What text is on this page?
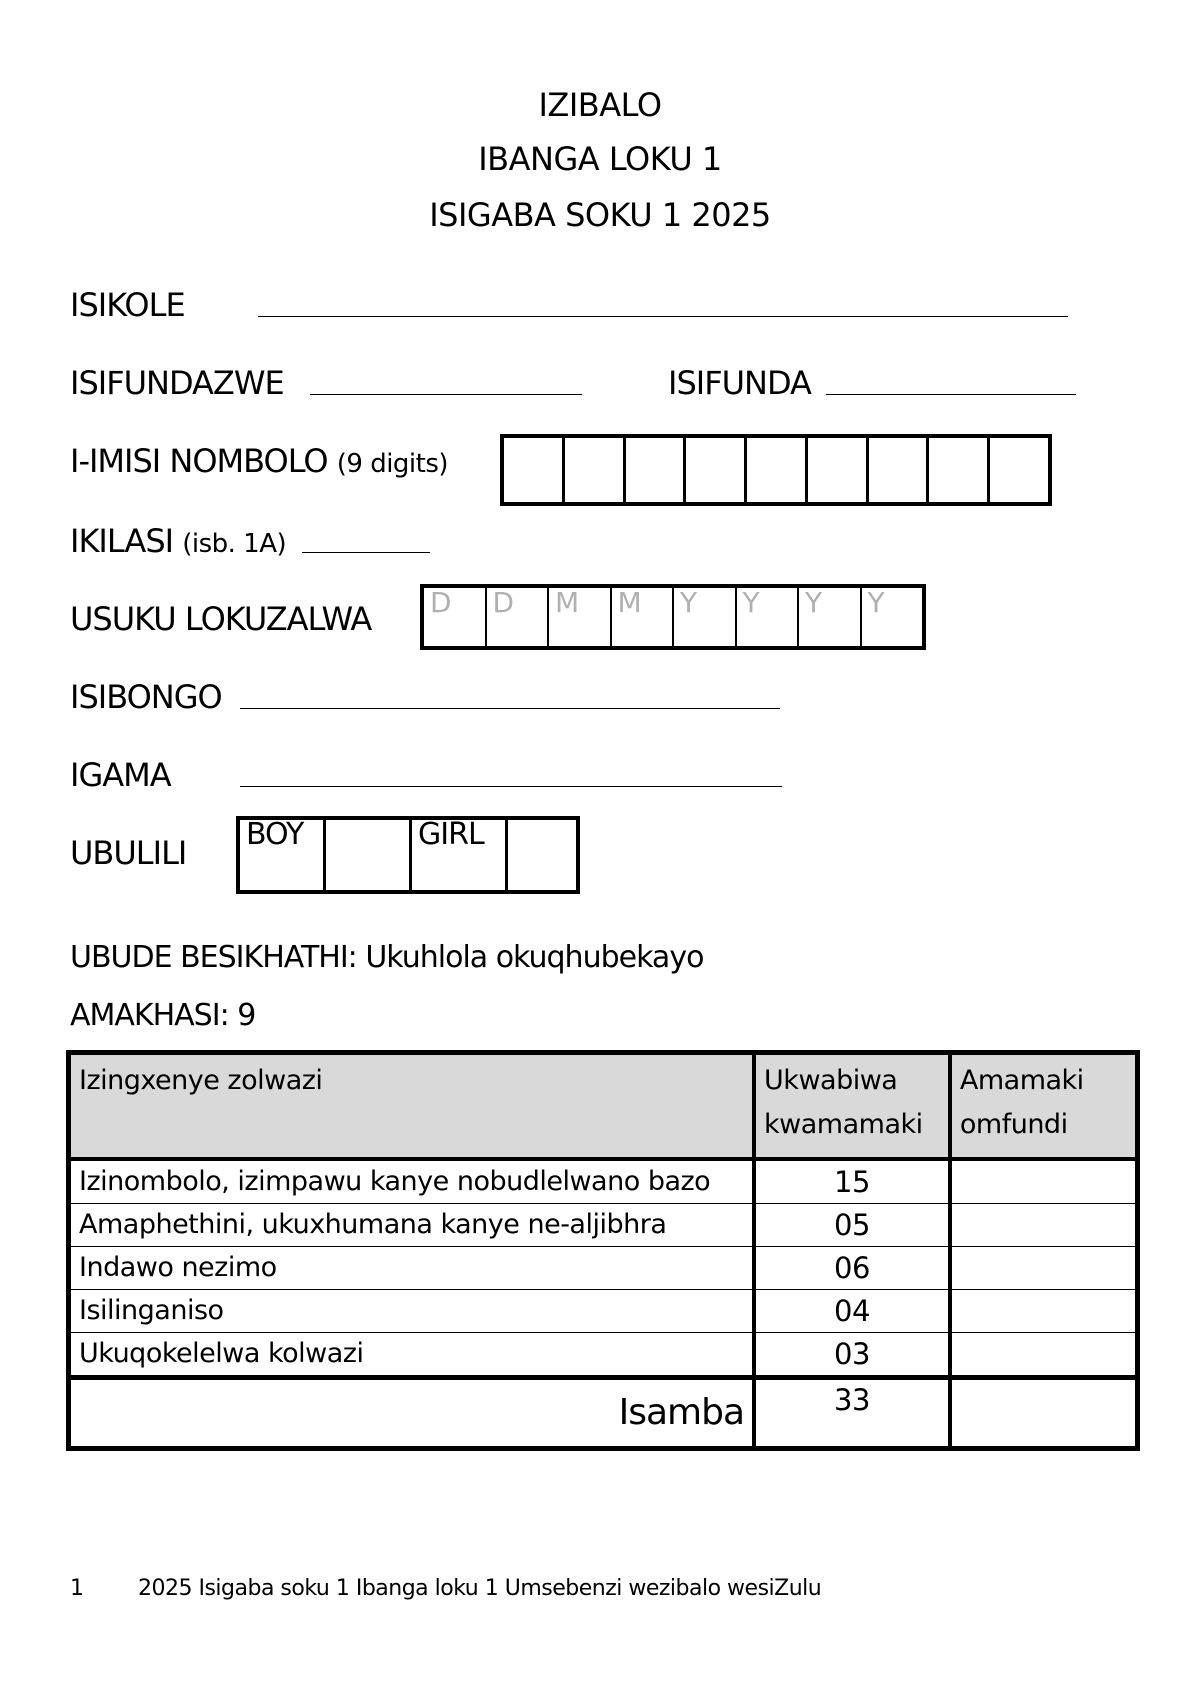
IZIBALO
IBANGA LOKU 1
ISIGABA SOKU 1 2025
ISIKOLE
ISIFUNDAZWE	ISIFUNDA
I-IMISI NOMBOLO (9 digits)
IKILASI (isb. 1A)
USUKU LOKUZALWA D	D	M	M	Y	Y	Y	Y
ISIBONGO
IGAMA
UBULILI BOY	GIRL
UBUDE BESIKHATHI: Ukuhlola okuqhubekayo
AMAKHASI: 9
Izingxenye zolwazi	Ukwabiwa kwamamaki	Amamaki omfundi
Izinombolo, izimpawu kanye nobudlelwano bazo	15	
Amaphethini, ukuxhumana kanye ne-aljibhra	05	
Indawo nezimo	06	
Isilinganiso	04	
Ukuqokelelwa kolwazi	03	
Isamba	33	
1 2025 Isigaba soku 1 Ibanga loku 1 Umsebenzi wezibalo wesiZulu
